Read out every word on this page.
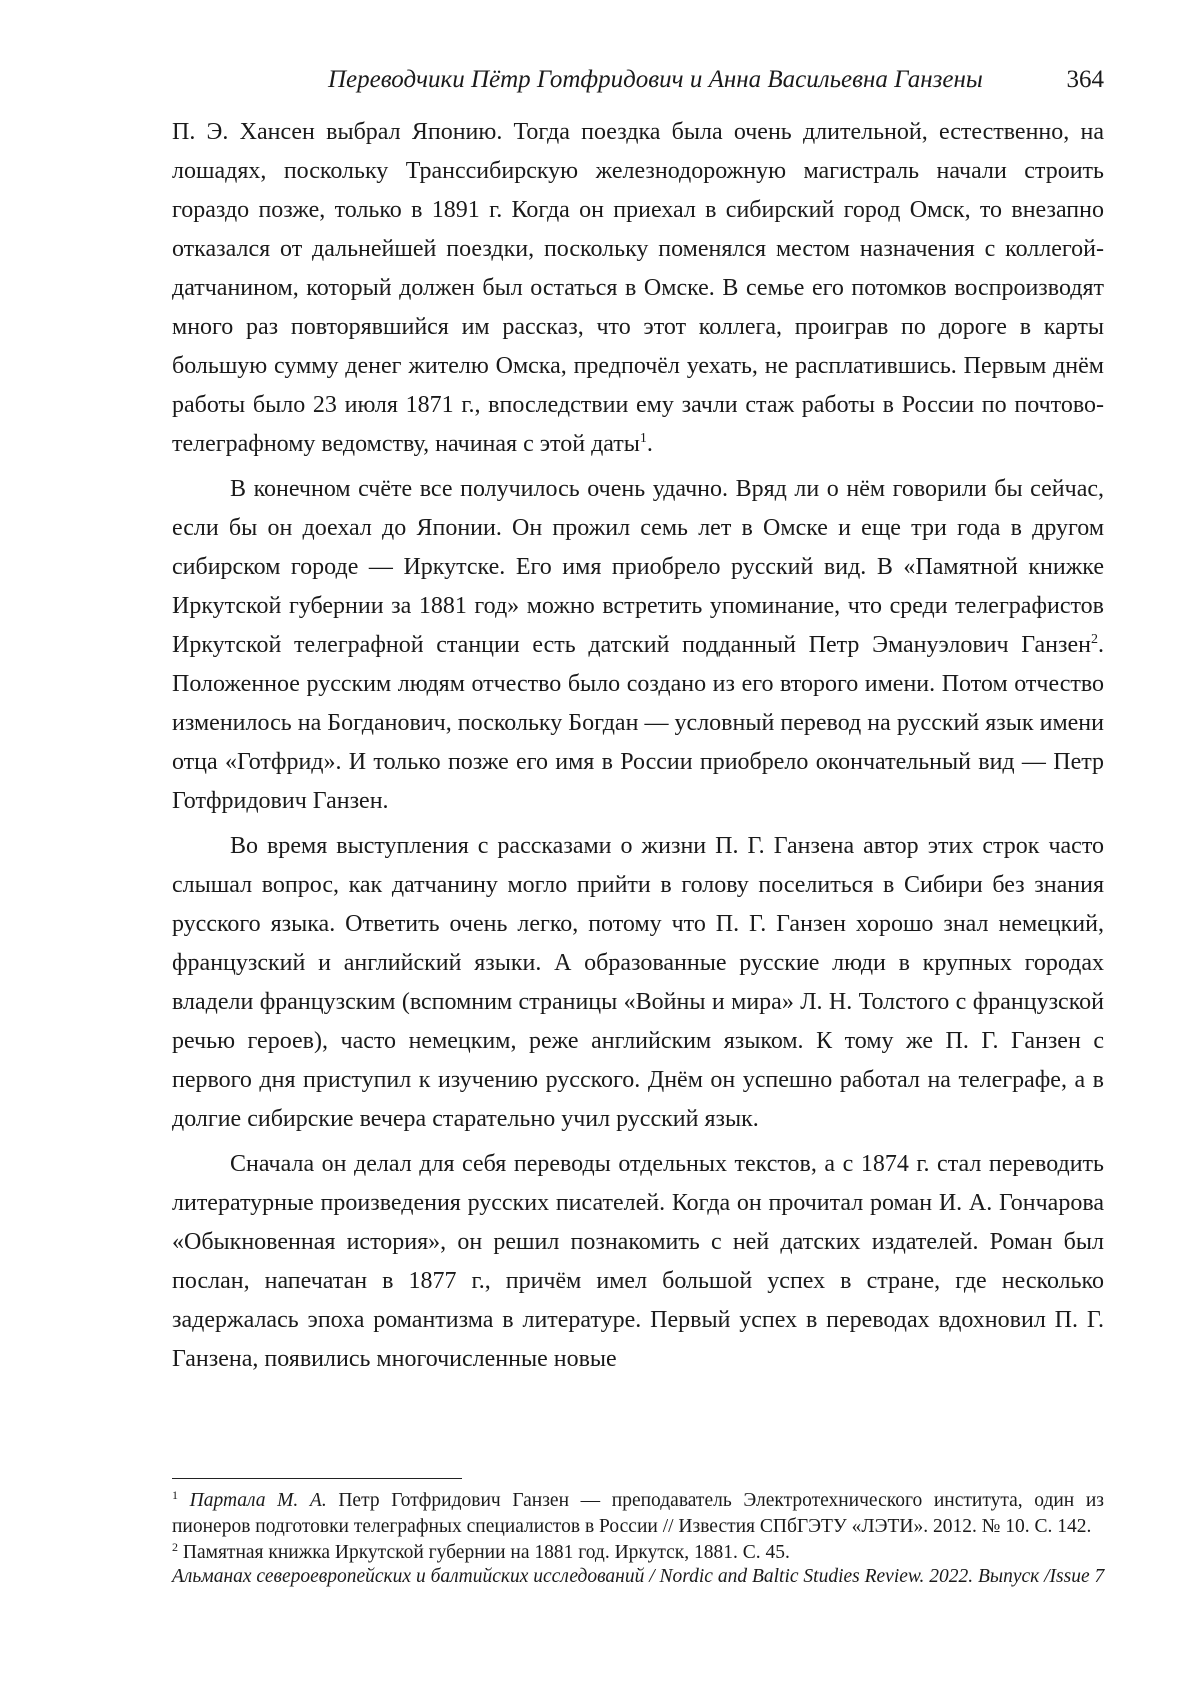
Переводчики Пётр Готфридович и Анна Васильевна Ганзены	364

П. Э. Хансен выбрал Японию. Тогда поездка была очень длительной, естественно, на лошадях, поскольку Транссибирскую железнодорожную магистраль начали строить гораздо позже, только в 1891 г. Когда он приехал в сибирский город Омск, то внезапно отказался от дальнейшей поездки, поскольку поменялся местом назначения с коллегой-датчанином, который должен был остаться в Омске. В семье его потомков воспроизводят много раз повторявшийся им рассказ, что этот коллега, проиграв по дороге в карты большую сумму денег жителю Омска, предпочёл уехать, не расплатившись. Первым днём работы было 23 июля 1871 г., впоследствии ему зачли стаж работы в России по почтово-телеграфному ведомству, начиная с этой даты$^1$.

В конечном счёте все получилось очень удачно. Вряд ли о нём говорили бы сейчас, если бы он доехал до Японии. Он прожил семь лет в Омске и еще три года в другом сибирском городе — Иркутске. Его имя приобрело русский вид. В «Памятной книжке Иркутской губернии за 1881 год» можно встретить упоминание, что среди телеграфистов Иркутской телеграфной станции есть датский подданный Петр Эмануэлович Ганзен$^2$. Положенное русским людям отчество было создано из его второго имени. Потом отчество изменилось на Богданович, поскольку Богдан — условный перевод на русский язык имени отца «Готфрид». И только позже его имя в России приобрело окончательный вид — Петр Готфридович Ганзен.

Во время выступления с рассказами о жизни П. Г. Ганзена автор этих строк часто слышал вопрос, как датчанину могло прийти в голову поселиться в Сибири без знания русского языка. Ответить очень легко, потому что П. Г. Ганзен хорошо знал немецкий, французский и английский языки. А образованные русские люди в крупных городах владели французским (вспомним страницы «Войны и мира» Л. Н. Толстого с французской речью героев), часто немецким, реже английским языком. К тому же П. Г. Ганзен с первого дня приступил к изучению русского. Днём он успешно работал на телеграфе, а в долгие сибирские вечера старательно учил русский язык.

Сначала он делал для себя переводы отдельных текстов, а с 1874 г. стал переводить литературные произведения русских писателей. Когда он прочитал роман И. А. Гончарова «Обыкновенная история», он решил познакомить с ней датских издателей. Роман был послан, напечатан в 1877 г., причём имел большой успех в стране, где несколько задержалась эпоха романтизма в литературе. Первый успех в переводах вдохновил П. Г. Ганзена, появились многочисленные новые

$^1$ Партала М. А. Петр Готфридович Ганзен — преподаватель Электротехнического института, один из пионеров подготовки телеграфных специалистов в России // Известия СПбГЭТУ «ЛЭТИ». 2012. № 10. С. 142.

$^2$ Памятная книжка Иркутской губернии на 1881 год. Иркутск, 1881. С. 45.

Альманах североевропейских и балтийских исследований / Nordic and Baltic Studies Review. 2022. Выпуск /Issue 7
